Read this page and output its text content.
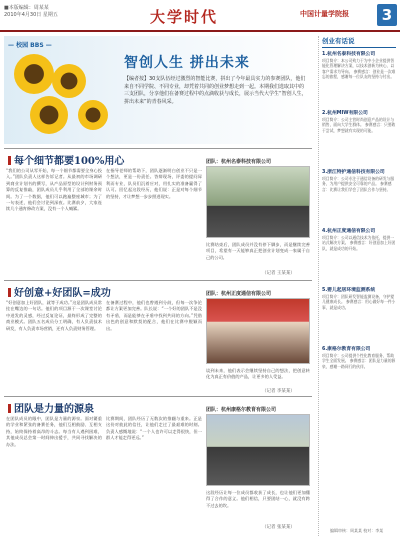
■本版编辑：周某某
2010年4月30日 星期五	大学时代	中国计量学院报	3
— 校园 BBS —
智创人生 拼出未来
【编者按】30支队伍经过激烈的智能比赛，拼出了今年最具实力的参赛团队，他们来自不同学院、不同专业，却凭着共同的创业梦想走到一起。本期我们选取其中的三支团队，分享他们在备赛过程中的点滴收获与成长，展示当代大学生“智创人生，拼出未来”的青春风采。
每个细节都要100%用心	团队：杭州名泰科技有限公司
“我们的公司从零开始，每一个细节都需要全身心投入。”团队负责人这样告诉记者。从最初的市场调研到商业计划书的撰写，从产品原型的设计到财务预算的反复推敲，团队成员几乎利用了全部的课余时间。为了一个数据，他们可以跑遍整座城市；为了一句表述，他们会讨论到深夜。比赛前夕，大家连续几个通宵修改方案，没有一个人喊累。
在指导老师的帮助下，团队逐渐明白创业不只是一个想法，更是一份责任。答辩现场，评委的提问犀利而专业，队员们沉着应对，用扎实的准备赢得了认可。回忆起这段经历，他们说：正是对每个细节的坚持，才让梦想一步步照进现实。
比赛结束后，团队成员并没有停下脚步，而是继续完善项目，希望有一天能够真正把创业计划变成一家属于自己的公司。
（记者 王某某）
好创意+好团队=成功	团队：杭州正度通信有限公司
“好创意加上好团队，就等于成功。”这是团队成员常挂在嘴边的一句话。他们的项目源于一次课堂讨论中迸发的灵感，经过反复论证，最终形成了完整的商业模式。团队五名成员分工明确，有人负责技术研发，有人负责市场营销，还有人负责财务管理。
在备赛过程中，他们也曾遇到分歧，但每一次争论都让方案更加完善。队长说：“一个好的团队不是没有矛盾，而是能够在矛盾中找到共同的方向。”凭借出色的创意和默契的配合，他们在比赛中脱颖而出。
谈到未来，他们表示会继续坚持自己的想法，把创意转化为真正有价值的产品，让更多的人受益。
（记者 李某某）
团队是力量的源泉	团队：杭州康格尔教育有限公司
在团队成员的眼中，团队是力量的源泉。面对繁重的学业和紧张的备赛任务，他们互相鼓励、互相支持，始终保持着高昂的斗志。每当有人遇到困难，其他成员总会第一时间伸出援手，共同寻找解决的办法。
比赛期间，团队经历了无数次的推翻与重来。正是这份对彼此的信任，让他们走过了最艰难的时刻。负责人感慨地说：“一个人也许可以走得很快，但一群人才能走得更远。”
这段经历让每一位成员都收获了成长，也让他们更加懂得了合作的意义。他们相信，只要团结一心，就没有跨不过去的坎。
（记者 张某某）
创业有话说
1.杭州名泰科技有限公司
项目简介：本公司致力于为中小企业提供智能化管理解决方案，以技术创新为核心，以客户需求为导向。 参赛感言：创业是一次难忘的旅程，感谢每一位队友的坚持与付出。
2.杭州MIW有限公司
项目简介：公司主营时尚创意产品的设计与销售，面向大学生群体。 参赛感言：只要敢于尝试，梦想就有实现的可能。
3.浙江特护通信科技有限公司
项目简介：公司专注于通信设备的研发与服务，为用户提供安全可靠的产品。 参赛感言：比赛让我们学会了团队合作与坚持。
4.杭州正度通信有限公司
项目简介：公司以通信技术为依托，提供一站式解决方案。 参赛感言：好创意加上好团队，就是成功的开始。
5.婴儿起居环境监测系统
项目简介：团队研发智能监测设备，守护婴儿健康成长。 参赛感言：用心做好每一件小事，就是成功。
6.康格尔教育有限公司
项目简介：公司提供个性化教育服务，帮助学生全面发展。 参赛感言：团队是力量的源泉，感谢一路同行的伙伴。
编辑审核：周某某 校对：李某
